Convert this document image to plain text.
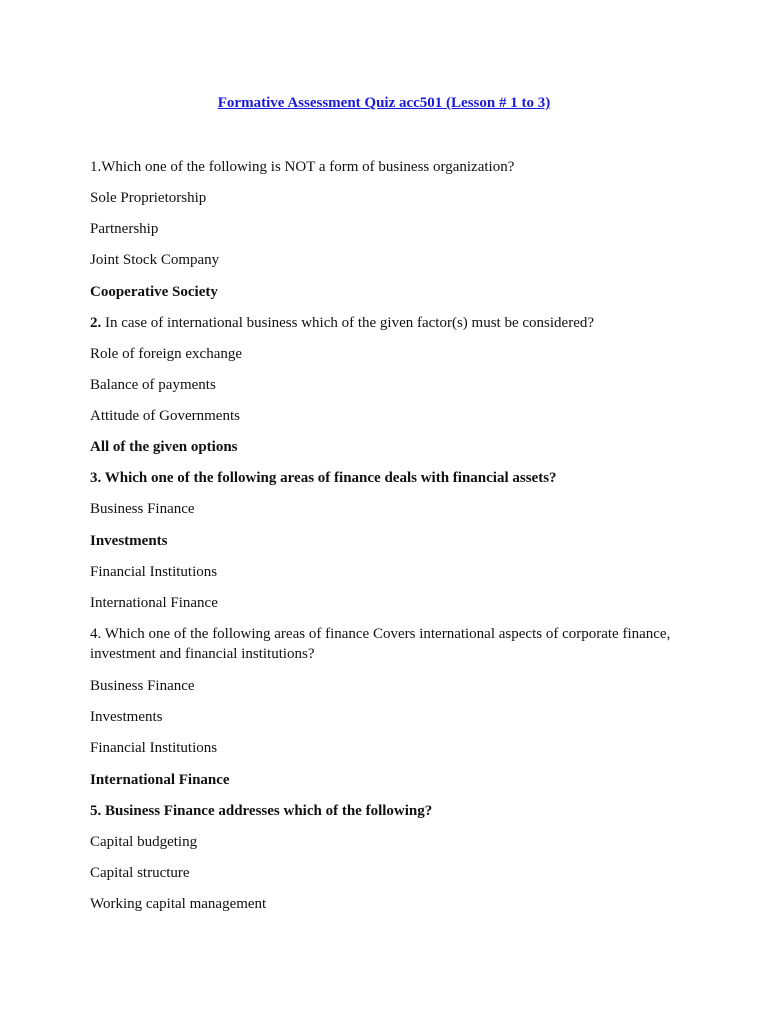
Formative Assessment Quiz acc501 (Lesson # 1 to 3)
1.Which one of the following is NOT a form of business organization?
Sole Proprietorship
Partnership
Joint Stock Company
Cooperative Society
2. In case of international business which of the given factor(s) must be considered?
Role of foreign exchange
Balance of payments
Attitude of Governments
All of the given options
3. Which one of the following areas of finance deals with financial assets?
Business Finance
Investments
Financial Institutions
International Finance
4. Which one of the following areas of finance Covers international aspects of corporate finance, investment and financial institutions?
Business Finance
Investments
Financial Institutions
International Finance
5. Business Finance addresses which of the following?
Capital budgeting
Capital structure
Working capital management
